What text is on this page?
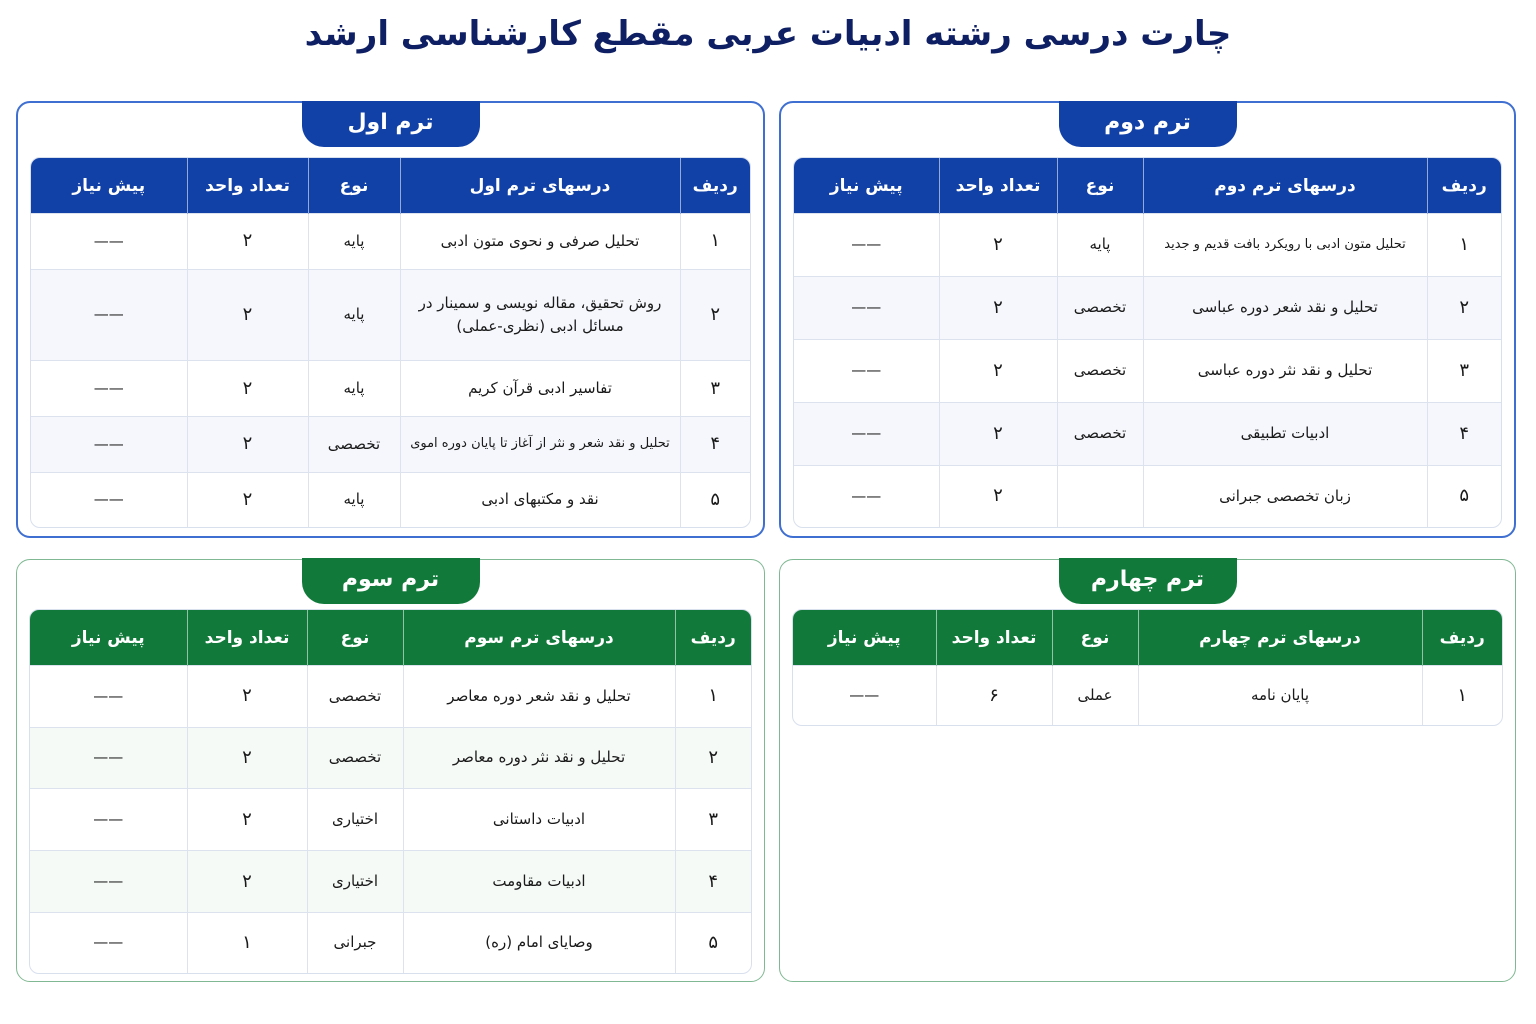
چارت درسی رشته ادبیات عربی مقطع کارشناسی ارشد
ترم دوم
ردیف	درسهای ترم دوم	نوع	تعداد واحد	پیش نیاز
۱	تحلیل متون ادبی با رویکرد بافت قدیم و جدید	پایه	۲	——
۲	تحلیل و نقد شعر دوره عباسی	تخصصی	۲	——
۳	تحلیل و نقد نثر دوره عباسی	تخصصی	۲	——
۴	ادبیات تطبیقی	تخصصی	۲	——
۵	زبان تخصصی جبرانی		۲	——
ترم اول
ردیف	درسهای ترم اول	نوع	تعداد واحد	پیش نیاز
۱	تحلیل صرفی و نحوی متون ادبی	پایه	۲	——
۲	روش تحقیق، مقاله نویسی و سمینار در مسائل ادبی (نظری-عملی)	پایه	۲	——
۳	تفاسیر ادبی قرآن کریم	پایه	۲	——
۴	تحلیل و نقد شعر و نثر از آغاز تا پایان دوره اموی	تخصصی	۲	——
۵	نقد و مکتبهای ادبی	پایه	۲	——
ترم چهارم
ردیف	درسهای ترم چهارم	نوع	تعداد واحد	پیش نیاز
۱	پایان نامه	عملی	۶	——
ترم سوم
ردیف	درسهای ترم سوم	نوع	تعداد واحد	پیش نیاز
۱	تحلیل و نقد شعر دوره معاصر	تخصصی	۲	——
۲	تحلیل و نقد نثر دوره معاصر	تخصصی	۲	——
۳	ادبیات داستانی	اختیاری	۲	——
۴	ادبیات مقاومت	اختیاری	۲	——
۵	وصایای امام (ره)	جبرانی	۱	——
